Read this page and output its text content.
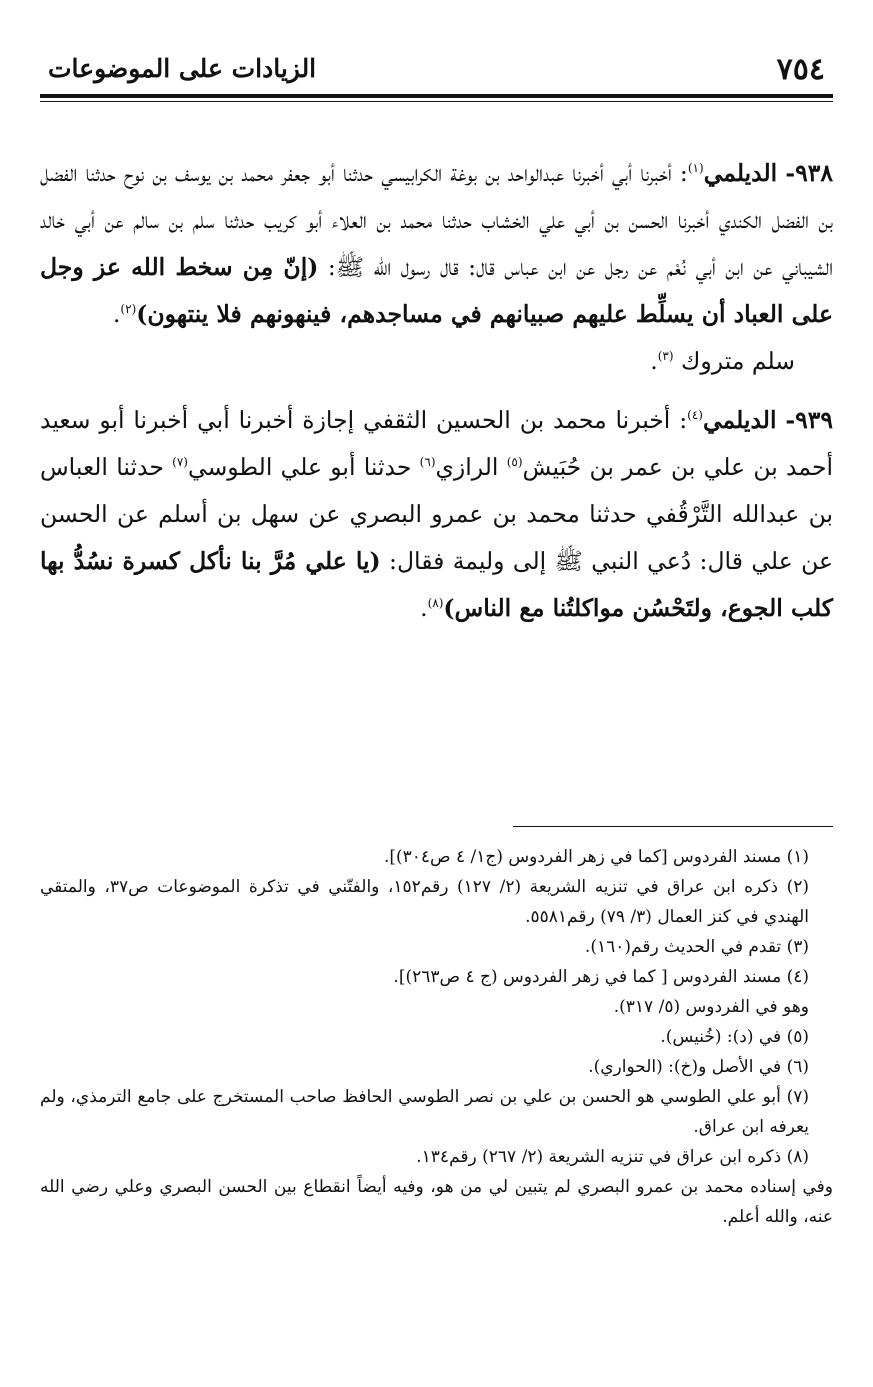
٧٥٤
الزيادات على الموضوعات

٩٣٨- الديلمي$^{(١)}$: أخبرنا أبي أخبرنا عبدالواحد بن بوغة الكرابيسي حدثنا أبو جعفر محمد بن يوسف بن نوح حدثنا الفضل بن الفضل الكندي أخبرنا الحسن بن أبي علي الخشاب حدثنا محمد بن العلاء أبو كريب حدثنا سلم بن سالم عن أبي خالد الشيباني عن ابن أبي نُعْم عن رجل عن ابن عباس قال: قال رسول الله ﷺ: (إنّ مِن سخط الله عز وجل على العباد أن يسلِّط عليهم صبيانهم في مساجدهم، فينهونهم فلا ينتهون)$^{(٢)}$.
سلم متروك $^{(٣)}$.

٩٣٩- الديلمي$^{(٤)}$: أخبرنا محمد بن الحسين الثقفي إجازة أخبرنا أبي أخبرنا أبو سعيد أحمد بن علي بن عمر بن حُبَيش$^{(٥)}$ الرازي$^{(٦)}$ حدثنا أبو علي الطوسي$^{(٧)}$ حدثنا العباس بن عبدالله التَّرْقُفي حدثنا محمد بن عمرو البصري عن سهل بن أسلم عن الحسن عن علي قال: دُعي النبي ﷺ إلى وليمة فقال: (يا علي مُرَّ بنا نأكل كسرة نسُدُّ بها كلب الجوع، ولتَحْسُن مواكلتُنا مع الناس)$^{(٨)}$.

(١) مسند الفردوس [كما في زهر الفردوس (ج١/ ٤ ص٣٠٤)].

(٢) ذكره ابن عراق في تنزيه الشريعة (٢/ ١٢٧) رقم١٥٢، والفتّني في تذكرة الموضوعات ص٣٧، والمتقي الهندي في كنز العمال (٣/ ٧٩) رقم٥٥٨١.

(٣) تقدم في الحديث رقم(١٦٠).

(٤) مسند الفردوس [ كما في زهر الفردوس (ج ٤ ص٢٦٣)].

وهو في الفردوس (٥/ ٣١٧).

(٥) في (د): (خُنيس).

(٦) في الأصل و(خ): (الحواري).

(٧) أبو علي الطوسي هو الحسن بن علي بن نصر الطوسي الحافظ صاحب المستخرج على جامع الترمذي، ولم يعرفه ابن عراق.

(٨) ذكره ابن عراق في تنزيه الشريعة (٢/ ٢٦٧) رقم١٣٤.

وفي إسناده محمد بن عمرو البصري لم يتبين لي من هو، وفيه أيضاً انقطاع بين الحسن البصري وعلي رضي الله عنه، والله أعلم.
